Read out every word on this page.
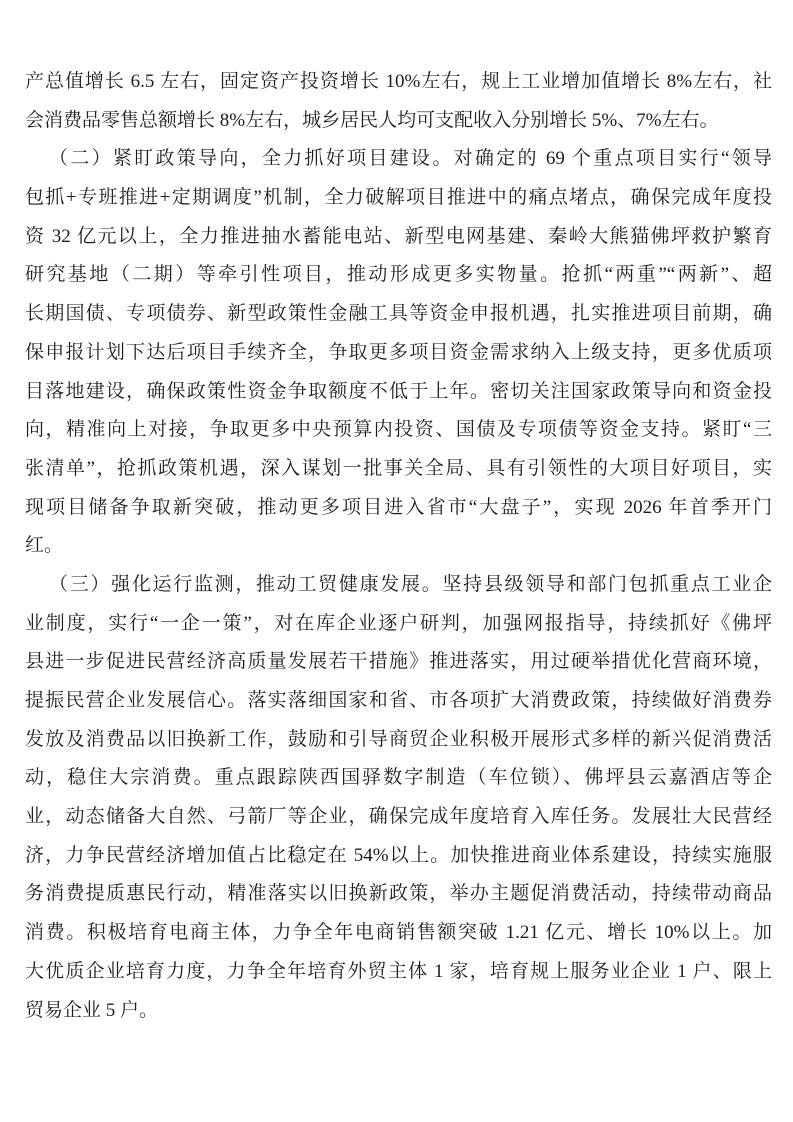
产总值增长 6.5 左右，固定资产投资增长 10%左右，规上工业增加值增长 8%左右，社
会消费品零售总额增长 8%左右，城乡居民人均可支配收入分别增长 5%、7%左右。
（二）紧盯政策导向，全力抓好项目建设。对确定的 69 个重点项目实行“领导
包抓+专班推进+定期调度”机制，全力破解项目推进中的痛点堵点，确保完成年度投
资 32 亿元以上，全力推进抽水蓄能电站、新型电网基建、秦岭大熊猫佛坪救护繁育
研究基地（二期）等牵引性项目，推动形成更多实物量。抢抓“两重”“两新”、超
长期国债、专项债券、新型政策性金融工具等资金申报机遇，扎实推进项目前期，确
保申报计划下达后项目手续齐全，争取更多项目资金需求纳入上级支持，更多优质项
目落地建设，确保政策性资金争取额度不低于上年。密切关注国家政策导向和资金投
向，精准向上对接，争取更多中央预算内投资、国债及专项债等资金支持。紧盯“三
张清单”，抢抓政策机遇，深入谋划一批事关全局、具有引领性的大项目好项目，实
现项目储备争取新突破，推动更多项目进入省市“大盘子”，实现 2026 年首季开门
红。
（三）强化运行监测，推动工贸健康发展。坚持县级领导和部门包抓重点工业企
业制度，实行“一企一策”，对在库企业逐户研判，加强网报指导，持续抓好《佛坪
县进一步促进民营经济高质量发展若干措施》推进落实，用过硬举措优化营商环境，
提振民营企业发展信心。落实落细国家和省、市各项扩大消费政策，持续做好消费券
发放及消费品以旧换新工作，鼓励和引导商贸企业积极开展形式多样的新兴促消费活
动，稳住大宗消费。重点跟踪陕西国驿数字制造（车位锁）、佛坪县云嘉酒店等企
业，动态储备大自然、弓箭厂等企业，确保完成年度培育入库任务。发展壮大民营经
济，力争民营经济增加值占比稳定在 54%以上。加快推进商业体系建设，持续实施服
务消费提质惠民行动，精准落实以旧换新政策，举办主题促消费活动，持续带动商品
消费。积极培育电商主体，力争全年电商销售额突破 1.21 亿元、增长 10%以上。加
大优质企业培育力度，力争全年培育外贸主体 1 家，培育规上服务业企业 1 户、限上
贸易企业 5 户。
